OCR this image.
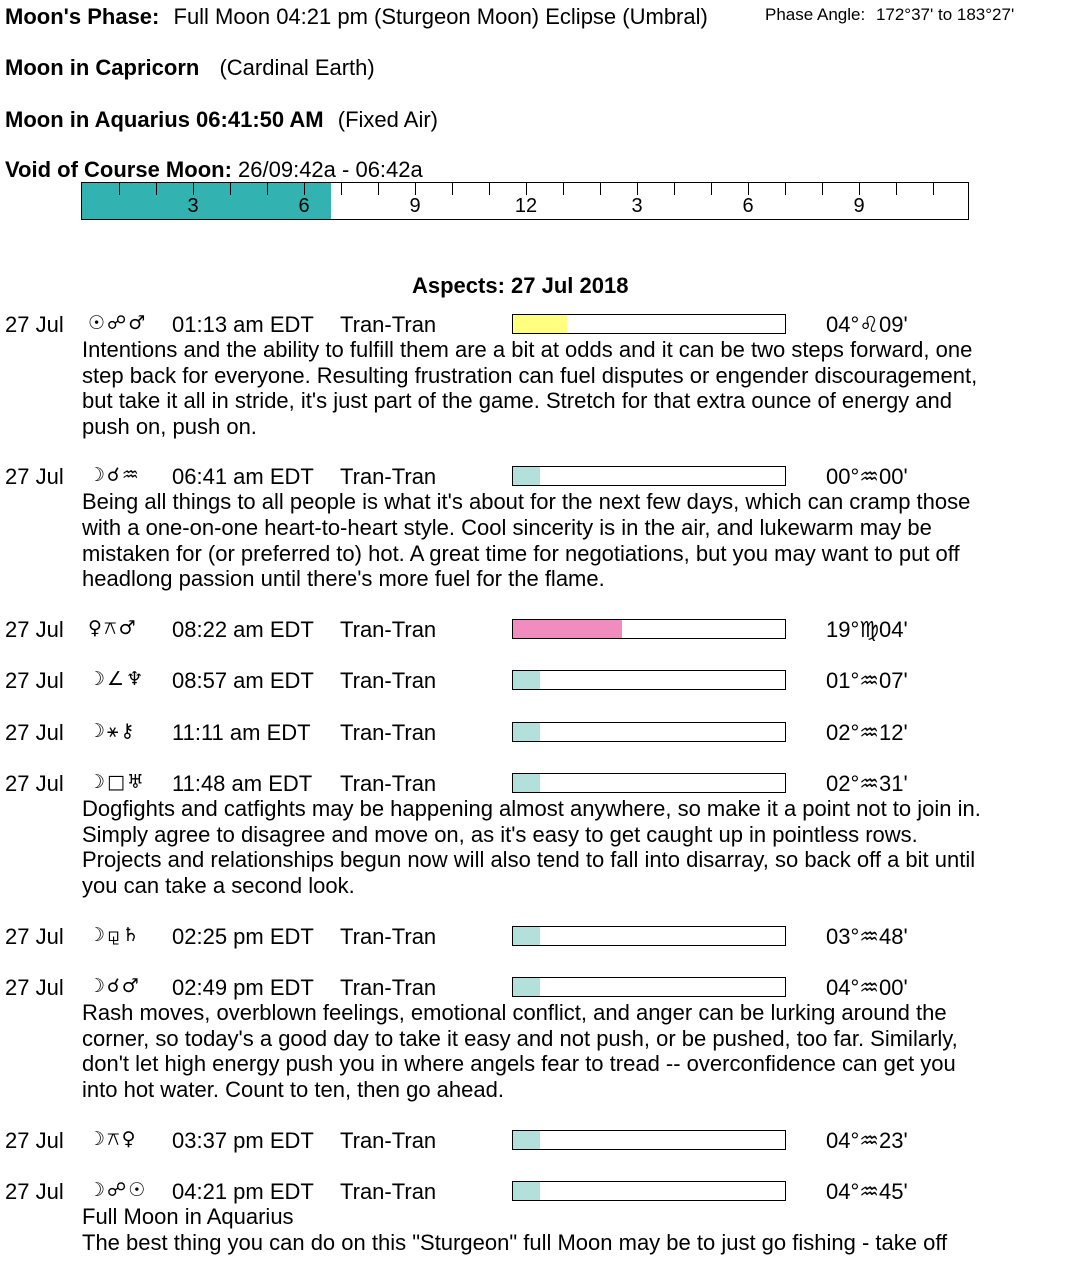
Moon's Phase: Full Moon 04:21 pm (Sturgeon Moon) Eclipse (Umbral)	Phase Angle: 172°37' to 183°27'
Moon in Capricorn (Cardinal Earth)
Moon in Aquarius 06:41:50 AM (Fixed Air)
Void of Course Moon: 26/09:42a - 06:42a
3	6	9	12	3	6	9
Aspects: 27 Jul 2018
27 Jul ☉☍♂ 01:13 am EDT Tran-Tran	04°♌09'
Intentions and the ability to fulfill them are a bit at odds and it can be two steps forward, one
step back for everyone. Resulting frustration can fuel disputes or engender discouragement,
but take it all in stride, it's just part of the game. Stretch for that extra ounce of energy and
push on, push on.
27 Jul ☽☌♒ 06:41 am EDT Tran-Tran	00°♒00'
Being all things to all people is what it's about for the next few days, which can cramp those
with a one-on-one heart-to-heart style. Cool sincerity is in the air, and lukewarm may be
mistaken for (or preferred to) hot. A great time for negotiations, but you may want to put off
headlong passion until there's more fuel for the flame.
27 Jul ♀⚻♂ 08:22 am EDT Tran-Tran	19°♍04'
27 Jul ☽∠♆ 08:57 am EDT Tran-Tran	01°♒07'
27 Jul ☽⚹⚷ 11:11 am EDT Tran-Tran	02°♒12'
27 Jul ☽□♅ 11:48 am EDT Tran-Tran	02°♒31'
Dogfights and catfights may be happening almost anywhere, so make it a point not to join in.
Simply agree to disagree and move on, as it's easy to get caught up in pointless rows.
Projects and relationships begun now will also tend to fall into disarray, so back off a bit until
you can take a second look.
27 Jul ☽⚼♄ 02:25 pm EDT Tran-Tran	03°♒48'
27 Jul ☽☌♂ 02:49 pm EDT Tran-Tran	04°♒00'
Rash moves, overblown feelings, emotional conflict, and anger can be lurking around the
corner, so today's a good day to take it easy and not push, or be pushed, too far. Similarly,
don't let high energy push you in where angels fear to tread -- overconfidence can get you
into hot water. Count to ten, then go ahead.
27 Jul ☽⚻♀ 03:37 pm EDT Tran-Tran	04°♒23'
27 Jul ☽☍☉ 04:21 pm EDT Tran-Tran	04°♒45'
Full Moon in Aquarius
The best thing you can do on this "Sturgeon" full Moon may be to just go fishing - take off
